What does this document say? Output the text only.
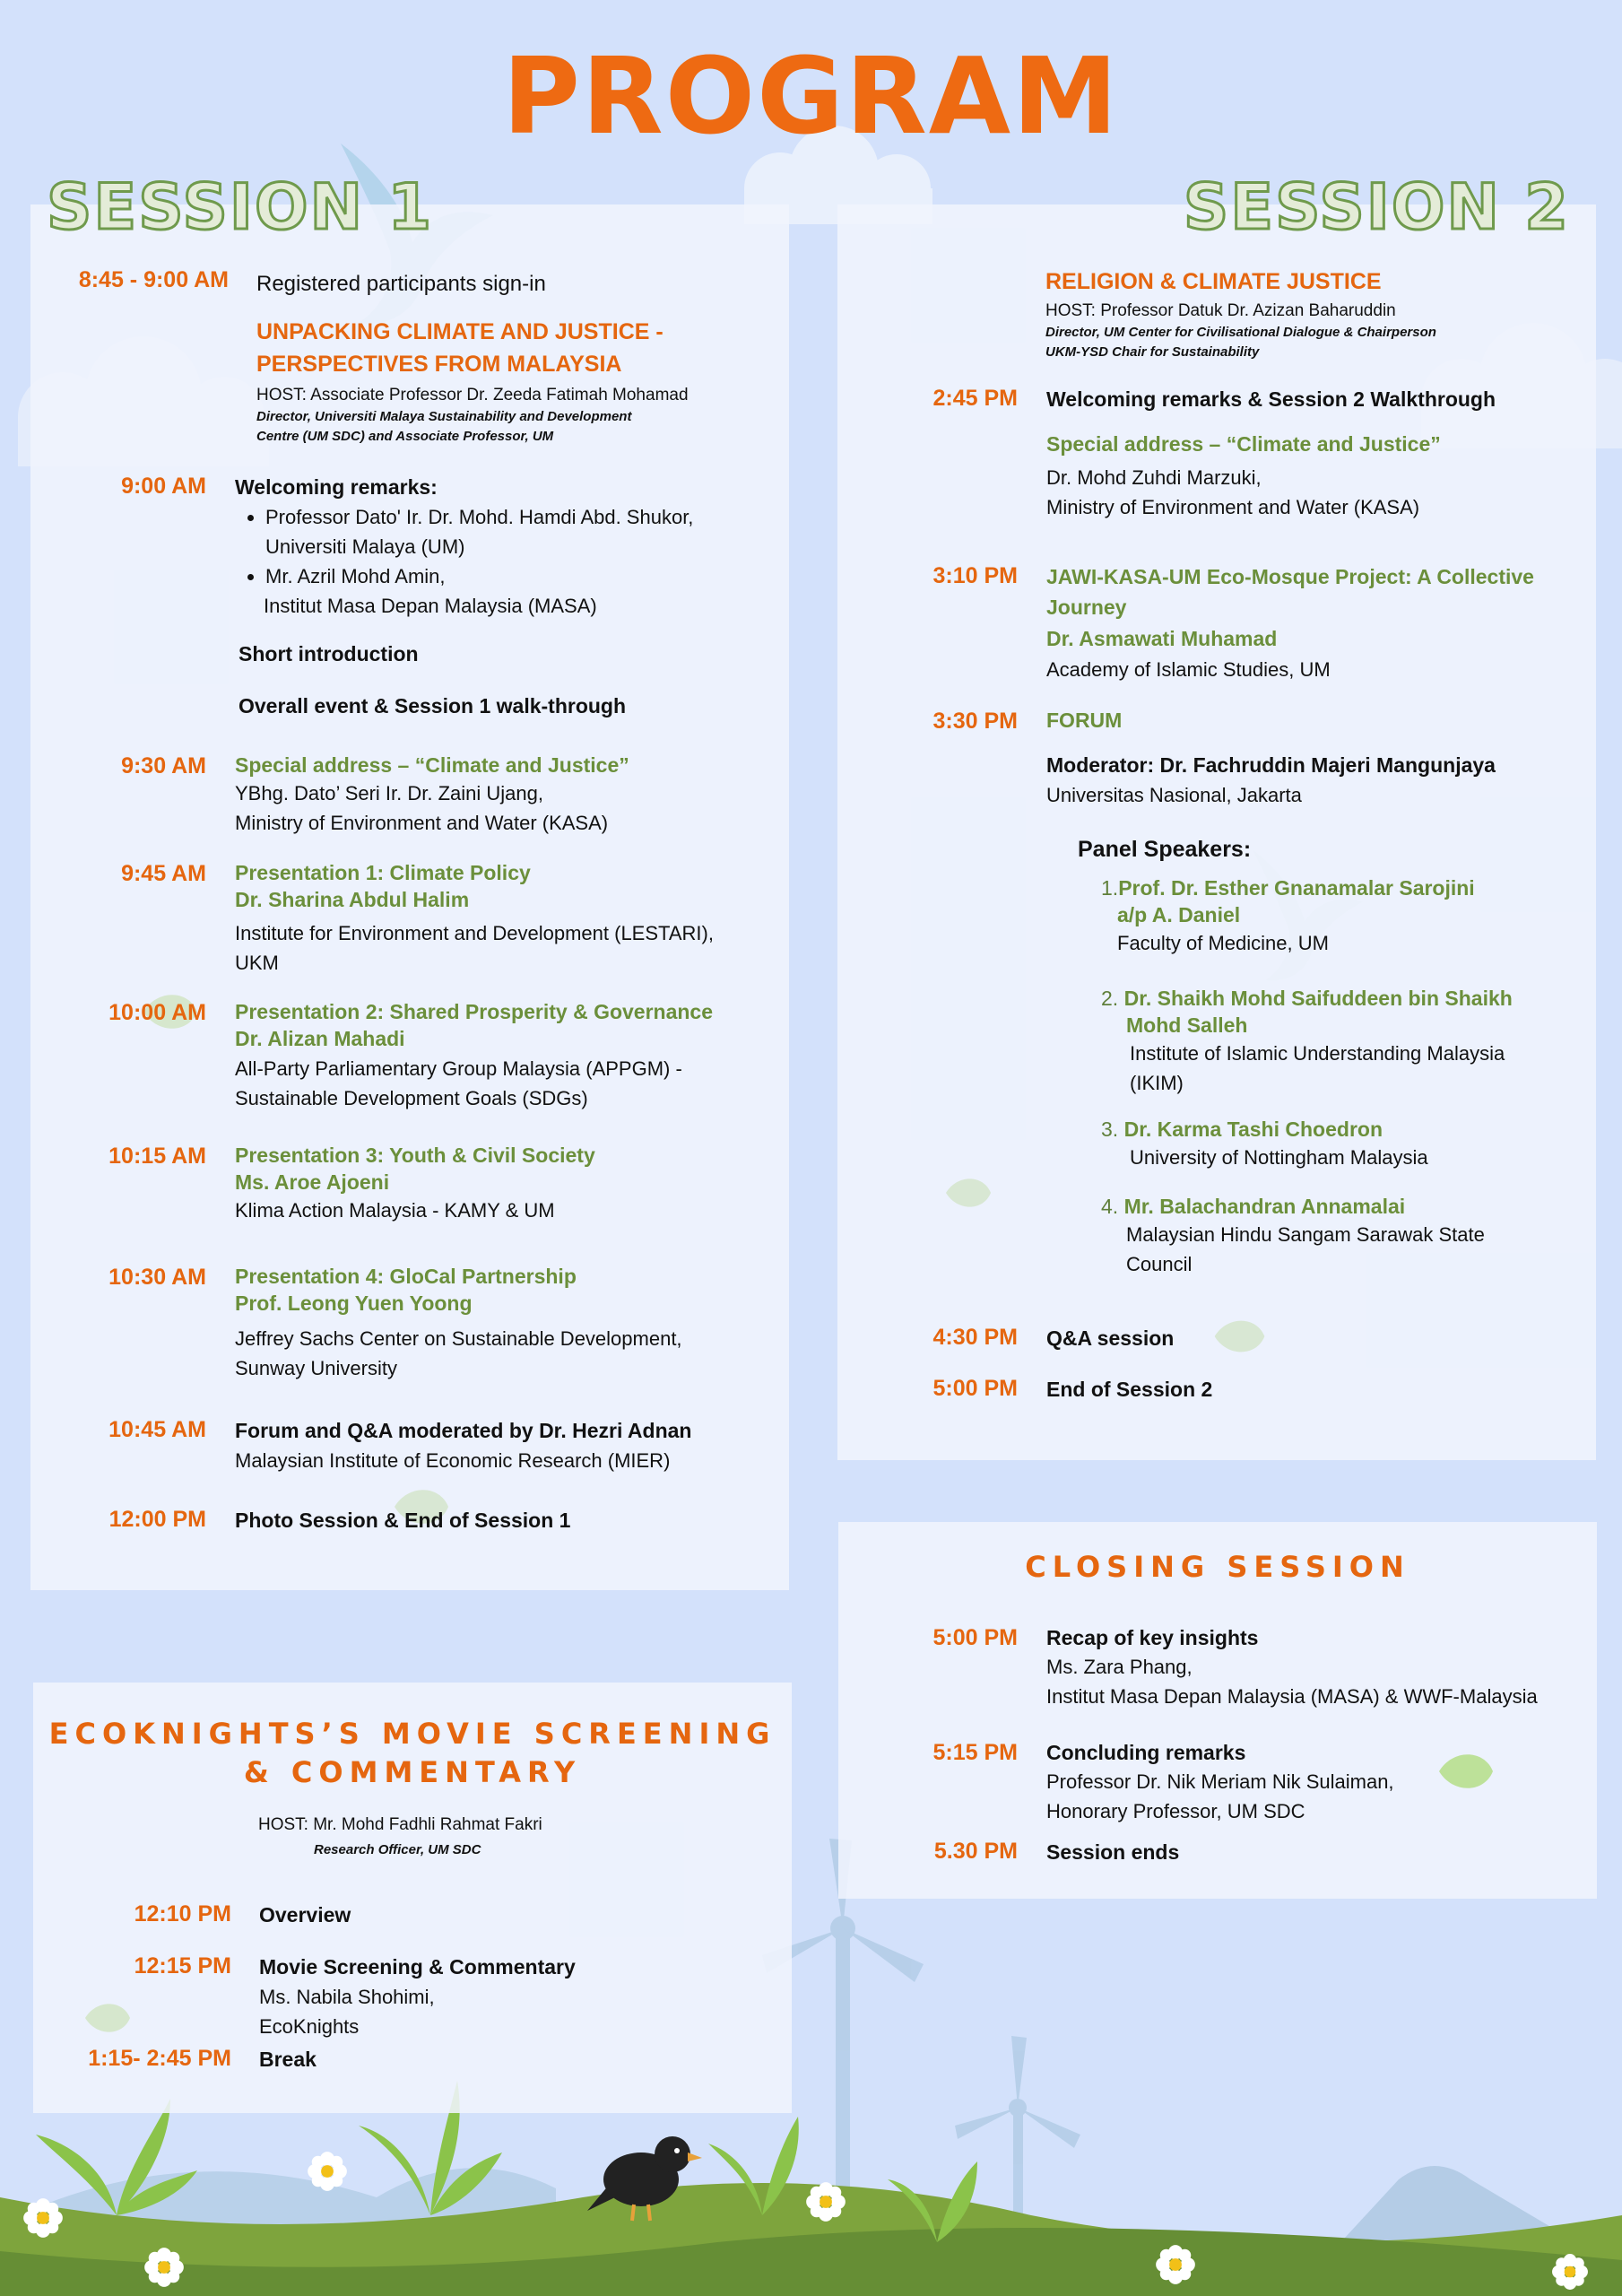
PROGRAM
SESSION 1	SESSION 2
8:45 - 9:00 AM Registered participants sign-in
UNPACKING CLIMATE AND JUSTICE -
PERSPECTIVES FROM MALAYSIA
HOST: Associate Professor Dr. Zeeda Fatimah Mohamad
Director, Universiti Malaya Sustainability and Development
Centre (UM SDC) and Associate Professor, UM
9:00 AM Welcoming remarks:
• Professor Dato' Ir. Dr. Mohd. Hamdi Abd. Shukor,
Universiti Malaya (UM)
• Mr. Azril Mohd Amin,
Institut Masa Depan Malaysia (MASA)
Short introduction
Overall event & Session 1 walk-through
9:30 AM Special address – “Climate and Justice”
YBhg. Dato’ Seri Ir. Dr. Zaini Ujang,
Ministry of Environment and Water (KASA)
9:45 AM Presentation 1: Climate Policy
Dr. Sharina Abdul Halim
Institute for Environment and Development (LESTARI),
UKM
10:00 AM Presentation 2: Shared Prosperity & Governance
Dr. Alizan Mahadi
All-Party Parliamentary Group Malaysia (APPGM) -
Sustainable Development Goals (SDGs)
10:15 AM Presentation 3: Youth & Civil Society
Ms. Aroe Ajoeni
Klima Action Malaysia - KAMY & UM
10:30 AM Presentation 4: GloCal Partnership
Prof. Leong Yuen Yoong
Jeffrey Sachs Center on Sustainable Development,
Sunway University
10:45 AM Forum and Q&A moderated by Dr. Hezri Adnan
Malaysian Institute of Economic Research (MIER)
12:00 PM Photo Session & End of Session 1
RELIGION & CLIMATE JUSTICE
HOST: Professor Datuk Dr. Azizan Baharuddin
Director, UM Center for Civilisational Dialogue & Chairperson
UKM-YSD Chair for Sustainability
2:45 PM Welcoming remarks & Session 2 Walkthrough
Special address – “Climate and Justice”
Dr. Mohd Zuhdi Marzuki,
Ministry of Environment and Water (KASA)
3:10 PM JAWI-KASA-UM Eco-Mosque Project: A Collective
Journey
Dr. Asmawati Muhamad
Academy of Islamic Studies, UM
3:30 PM FORUM
Moderator: Dr. Fachruddin Majeri Mangunjaya
Universitas Nasional, Jakarta
Panel Speakers:
1.Prof. Dr. Esther Gnanamalar Sarojini
a/p A. Daniel
Faculty of Medicine, UM
2. Dr. Shaikh Mohd Saifuddeen bin Shaikh
Mohd Salleh
Institute of Islamic Understanding Malaysia
(IKIM)
3. Dr. Karma Tashi Choedron
University of Nottingham Malaysia
4. Mr. Balachandran Annamalai
Malaysian Hindu Sangam Sarawak State
Council
4:30 PM Q&A session
5:00 PM End of Session 2
ECOKNIGHTS’S MOVIE SCREENING
& COMMENTARY
HOST: Mr. Mohd Fadhli Rahmat Fakri
Research Officer, UM SDC
12:10 PM Overview
12:15 PM Movie Screening & Commentary
Ms. Nabila Shohimi,
EcoKnights
1:15- 2:45 PM Break
CLOSING SESSION
5:00 PM Recap of key insights
Ms. Zara Phang,
Institut Masa Depan Malaysia (MASA) & WWF-Malaysia
5:15 PM Concluding remarks
Professor Dr. Nik Meriam Nik Sulaiman,
Honorary Professor, UM SDC
5.30 PM Session ends
